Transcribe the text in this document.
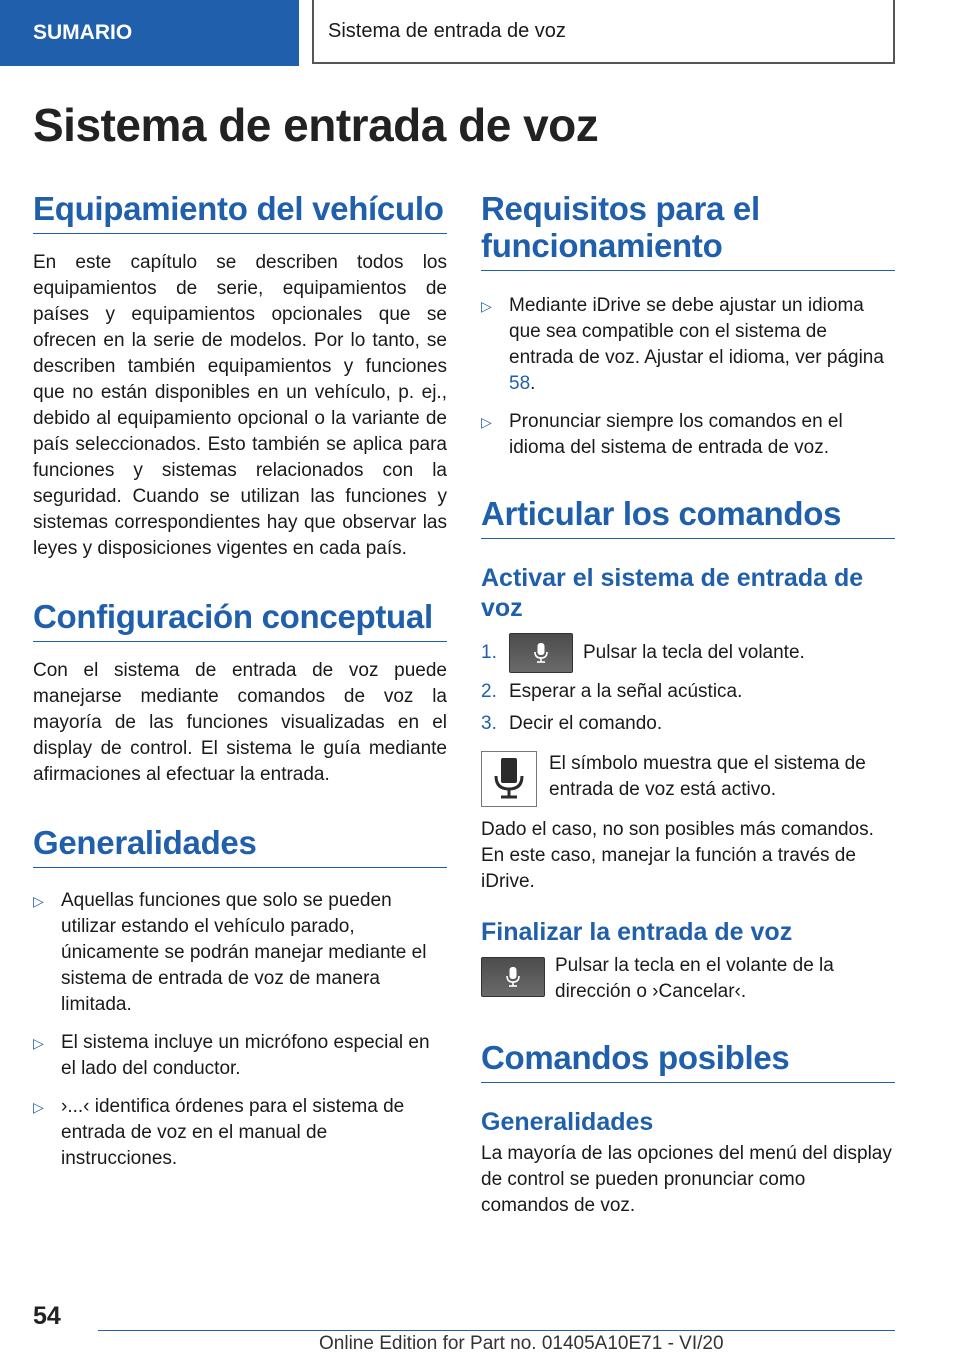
SUMARIO	Sistema de entrada de voz
Sistema de entrada de voz
Equipamiento del vehículo

En este capítulo se describen todos los equipamientos de serie, equipamientos de países y equipamientos opcionales que se ofrecen en la serie de modelos. Por lo tanto, se describen también equipamientos y funciones que no están disponibles en un vehículo, p. ej., debido al equipamiento opcional o la variante de país seleccionados. Esto también se aplica para funciones y sistemas relacionados con la seguridad. Cuando se utilizan las funciones y sistemas correspondientes hay que observar las leyes y disposiciones vigentes en cada país.

Configuración conceptual

Con el sistema de entrada de voz puede manejarse mediante comandos de voz la mayoría de las funciones visualizadas en el display de control. El sistema le guía mediante afirmaciones al efectuar la entrada.

Generalidades
▷ Aquellas funciones que solo se pueden utilizar estando el vehículo parado, únicamente se podrán manejar mediante el sistema de entrada de voz de manera limitada.
▷ El sistema incluye un micrófono especial en el lado del conductor.
▷ ›...‹ identifica órdenes para el sistema de entrada de voz en el manual de instrucciones.
Requisitos para el funcionamiento
▷ Mediante iDrive se debe ajustar un idioma que sea compatible con el sistema de entrada de voz. Ajustar el idioma, ver página 58.
▷ Pronunciar siempre los comandos en el idioma del sistema de entrada de voz.
Articular los comandos
Activar el sistema de entrada de voz
1.	Pulsar la tecla del volante.
2. Esperar a la señal acústica.
3. Decir el comando.

El símbolo muestra que el sistema de entrada de voz está activo.

Dado el caso, no son posibles más comandos. En este caso, manejar la función a través de iDrive.

Finalizar la entrada de voz

Pulsar la tecla en el volante de la dirección o ›Cancelar‹.

Comandos posibles
Generalidades

La mayoría de las opciones del menú del display de control se pueden pronunciar como comandos de voz.

54
Online Edition for Part no. 01405A10E71 - VI/20
